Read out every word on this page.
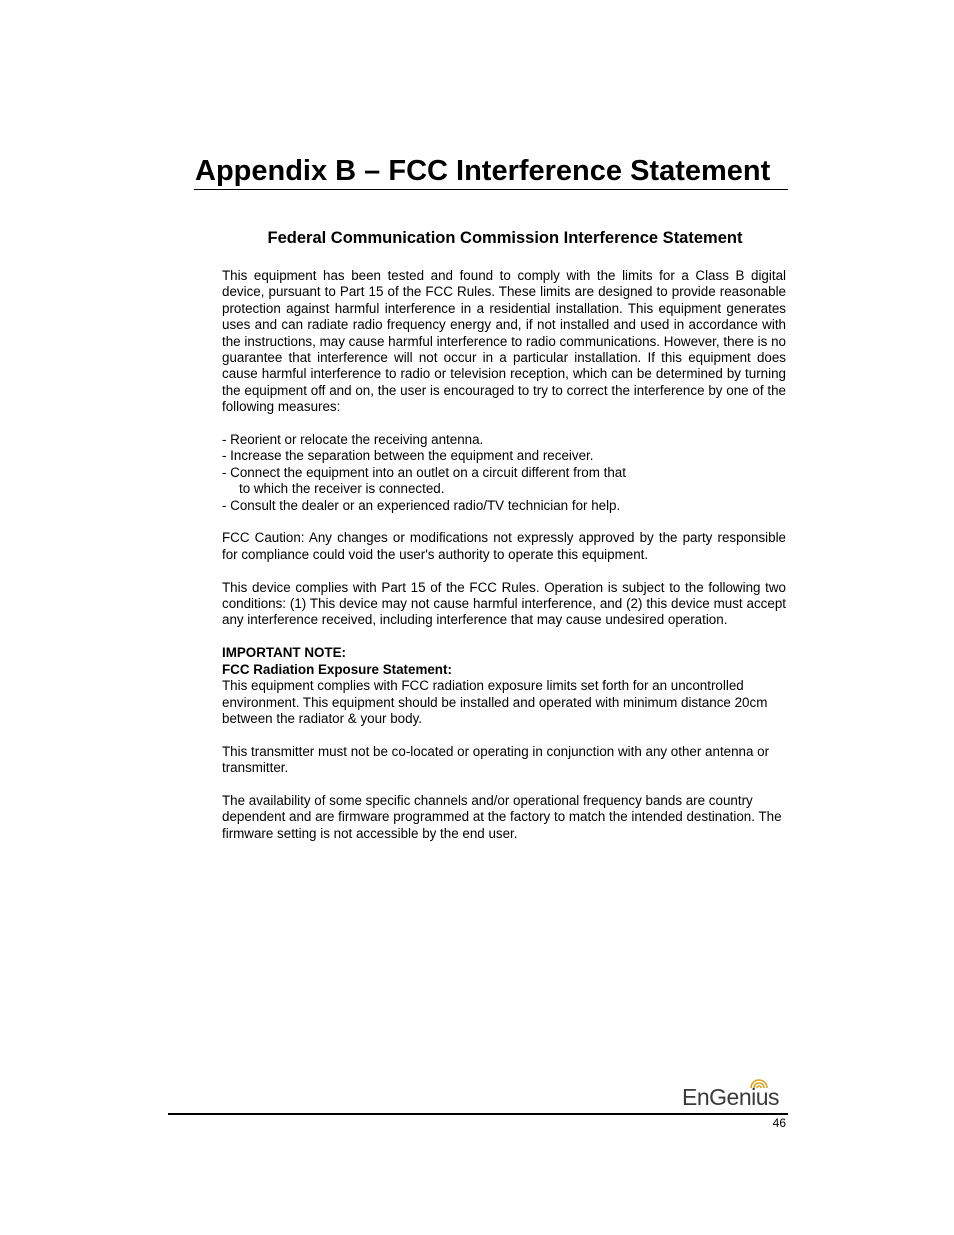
Appendix B – FCC Interference Statement
Federal Communication Commission Interference Statement

This equipment has been tested and found to comply with the limits for a Class B digital device, pursuant to Part 15 of the FCC Rules. These limits are designed to provide reasonable protection against harmful interference in a residential installation. This equipment generates uses and can radiate radio frequency energy and, if not installed and used in accordance with the instructions, may cause harmful interference to radio communications. However, there is no guarantee that interference will not occur in a particular installation. If this equipment does cause harmful interference to radio or television reception, which can be determined by turning the equipment off and on, the user is encouraged to try to correct the interference by one of the following measures:

- Reorient or relocate the receiving antenna.
- Increase the separation between the equipment and receiver.
- Connect the equipment into an outlet on a circuit different from that
to which the receiver is connected.
- Consult the dealer or an experienced radio/TV technician for help.

FCC Caution: Any changes or modifications not expressly approved by the party responsible for compliance could void the user's authority to operate this equipment.

This device complies with Part 15 of the FCC Rules. Operation is subject to the following two conditions: (1) This device may not cause harmful interference, and (2) this device must accept any interference received, including interference that may cause undesired operation.

IMPORTANT NOTE:
FCC Radiation Exposure Statement:

This equipment complies with FCC radiation exposure limits set forth for an uncontrolled environment. This equipment should be installed and operated with minimum distance 20cm between the radiator & your body.

This transmitter must not be co-located or operating in conjunction with any other antenna or transmitter.

The availability of some specific channels and/or operational frequency bands are country dependent and are firmware programmed at the factory to match the intended destination. The firmware setting is not accessible by the end user.

EnGenius
46
